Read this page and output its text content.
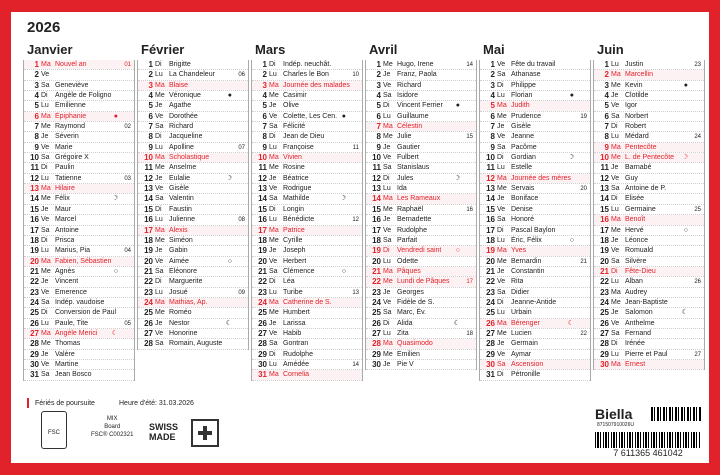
2026
Janvier
1 Ma Nouvel an	01
2 Ve
3 Sa Geneviève
4 Di	Angèle de Foligno
5 Lu Emilienne
6 Ma Épiphanie	●
7 Me Raymond	02
8 Je Séverin
9 Ve Marie
10 Sa Grégoire X
11 Di	Paulin
12 Lu Tatienne	03
13 Ma Hilaire
14 Me Félix	☽
15 Je Maur
16 Ve Marcel
17 Sa Antoine
18 Di	Prisca
19 Lu Marius, Pia	04
20 Ma Fabien, Sébastien
21 Me Agnès	○
22 Je Vincent
23 Ve Emerence
24 Sa Indép. vaudoise
25 Di	Conversion de Paul
26 Lu Paule, Tite	05
27 Ma Angèle Merici ☾
28 Me Thomas
29 Je Valère
30 Ve Martine
31 Sa Jean Bosco
Février
1 Di	Brigitte
2 Lu La Chandeleur	06
3 Ma Blaise
4 Me Véronique	●
5 Je Agathe
6 Ve Dorothée
7 Sa Richard
8 Di	Jacqueline
9 Lu Apolline	07
10 Ma Scholastique
11 Me Anselme
12 Je Eulalie	☽
13 Ve Gisèle
14 Sa Valentin
15 Di	Faustin
16 Lu Julienne	08
17 Ma Alexis
18 Me Siméon
19 Je Gabin
20 Ve Aimée	○
21 Sa Eléonore
22 Di	Marguerite
23 Lu Josué	09
24 Ma Mathias, Ap.
25 Me Roméo
26 Je Nestor	☾
27 Ve Honorine
28 Sa Romain, Auguste
Mars
1 Di	Indép. neuchât.
2 Lu Charles le Bon	10
3 Ma Journée des malades
4 Me Casimir
5 Je Olive
6 Ve Colette, Les Cen. ●
7 Sa Félicité
8 Di	Jean de Dieu
9 Lu Françoise	11
10 Ma Vivien
11 Me Rosine
12 Je Béatrice
13 Ve Rodrigue
14 Sa Mathilde	☽
15 Di	Longin
16 Lu Bénédicte	12
17 Ma Patrice
18 Me Cyrille
19 Je Joseph
20 Ve Herbert
21 Sa Clémence	○
22 Di	Léa
23 Lu Turibe	13
24 Ma Catherine de S.
25 Me Humbert
26 Je Larissa
27 Ve Habib
28 Sa Gontran
29 Di	Rudolphe
30 Lu Amédée	14
31 Ma Cornelia
Avril
1 Me Hugo, Irene	14
2 Je Franz, Paola
3 Ve Richard
4 Sa Isidore
5 Di	Vincent Ferrier ●
6 Lu Guillaume
7 Ma Célestin
8 Me Julie	15
9 Je Gautier
10 Ve Fulbert
11 Sa Stanislaus
12 Di	Jules	☽
13 Lu Ida
14 Ma Les Rameaux
15 Me Raphaël	16
16 Je Bernadette
17 Ve Rudolphe
18 Sa Parfait
19 Di	Vendredi saint ○
20 Lu Odette
21 Ma Pâques
22 Me Lundi de Pâques	17
23 Je Georges
24 Ve Fidèle de S.
25 Sa Marc, Év.
26 Di	Alida	☾
27 Lu Zita	18
28 Ma Quasimodo
29 Me Emilien
30 Je Pie V
Mai
1 Ve Fête du travail
2 Sa Athanase
3 Di	Philippe
4 Lu Florian	●
5 Ma Judith
6 Me Prudence	19
7 Je Gisèle
8 Ve Jeanne
9 Sa Pacôme
10 Di	Gordian	☽
11 Lu Estelle
12 Ma Journée des mères
13 Me Servais	20
14 Je Boniface
15 Ve Denise
16 Sa Honoré
17 Di	Pascal Baylon
18 Lu Éric, Félix	○
19 Ma Yves
20 Me Bernardin	21
21 Je Constantin
22 Ve Rita
23 Sa Didier
24 Di	Jeanne-Antide
25 Lu Urbain
26 Ma Bérenger	☾
27 Me Lucien	22
28 Je Germain
29 Ve Aymar
30 Sa Ascension
31 Di	Pétronille
Juin
1 Lu Justin	23
2 Ma Marcellin
3 Me Kevin	●
4 Je Clotilde
5 Ve Igor
6 Sa Norbert
7 Di	Robert
8 Lu Médard	24
9 Ma Pentecôte
10 Me L. de Pentecôte ☽
11 Je Barnabé
12 Ve Guy
13 Sa Antoine de P.
14 Di	Elisée
15 Lu Germaine	25
16 Ma Benoît
17 Me Hervé	○
18 Je Léonce
19 Ve Romuald
20 Sa Silvère
21 Di	Fête-Dieu
22 Lu Alban	26
23 Ma Audrey
24 Me Jean-Baptiste
25 Je Salomon	☾
26 Ve Anthelme
27 Sa Fernand
28 Di	Irénée
29 Lu Pierre et Paul	27
30 Ma Ernest
Fériés de poursuite	Heure d'été: 31.03.2026
FSC
MIX
Board
FSC® C002321
SWISS
MADE
Biella
871507910026U
7 611365 461042
